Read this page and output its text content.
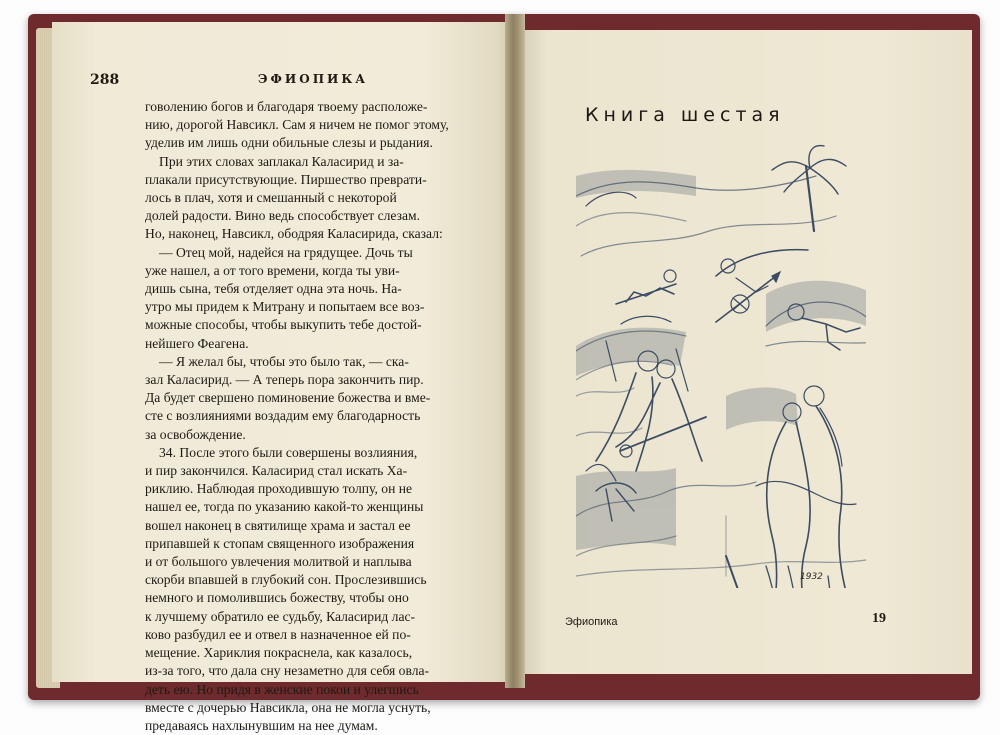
288	ЭФИОПИКА
говолению богов и благодаря твоему расположе-
нию, дорогой Навсикл. Сам я ничем не помог этому,
уделив им лишь одни обильные слезы и рыдания.
При этих словах заплакал Каласирид и за-
плакали присутствующие. Пиршество преврати-
лось в плач, хотя и смешанный с некоторой
долей радости. Вино ведь способствует слезам.
Но, наконец, Навсикл, ободряя Каласирида, сказал:
— Отец мой, надейся на грядущее. Дочь ты
уже нашел, а от того времени, когда ты уви-
дишь сына, тебя отделяет одна эта ночь. На-
утро мы придем к Митрану и попытаем все воз-
можные способы, чтобы выкупить тебе достой-
нейшего Феагена.
— Я желал бы, чтобы это было так, — ска-
зал Каласирид. — А теперь пора закончить пир.
Да будет свершено поминовение божества и вме-
сте с возлияниями воздадим ему благодарность
за освобождение.
34. После этого были совершены возлияния,
и пир закончился. Каласирид стал искать Ха-
риклию. Наблюдая проходившую толпу, он не
нашел ее, тогда по указанию какой-то женщины
вошел наконец в святилище храма и застал ее
припавшей к стопам священного изображения
и от большого увлечения молитвой и наплыва
скорби впавшей в глубокий сон. Прослезившись
немного и помолившись божеству, чтобы оно
к лучшему обратило ее судьбу, Каласирид лас-
ково разбудил ее и отвел в назначенное ей по-
мещение. Хариклия покраснела, как казалось,
из-за того, что дала сну незаметно для себя овла-
деть ею. Но придя в женские покои и улегшись
вместе с дочерью Навсикла, она не могла уснуть,
предаваясь нахлынувшим на нее думам.
Книга шестая
1932
Эфиопика	19
